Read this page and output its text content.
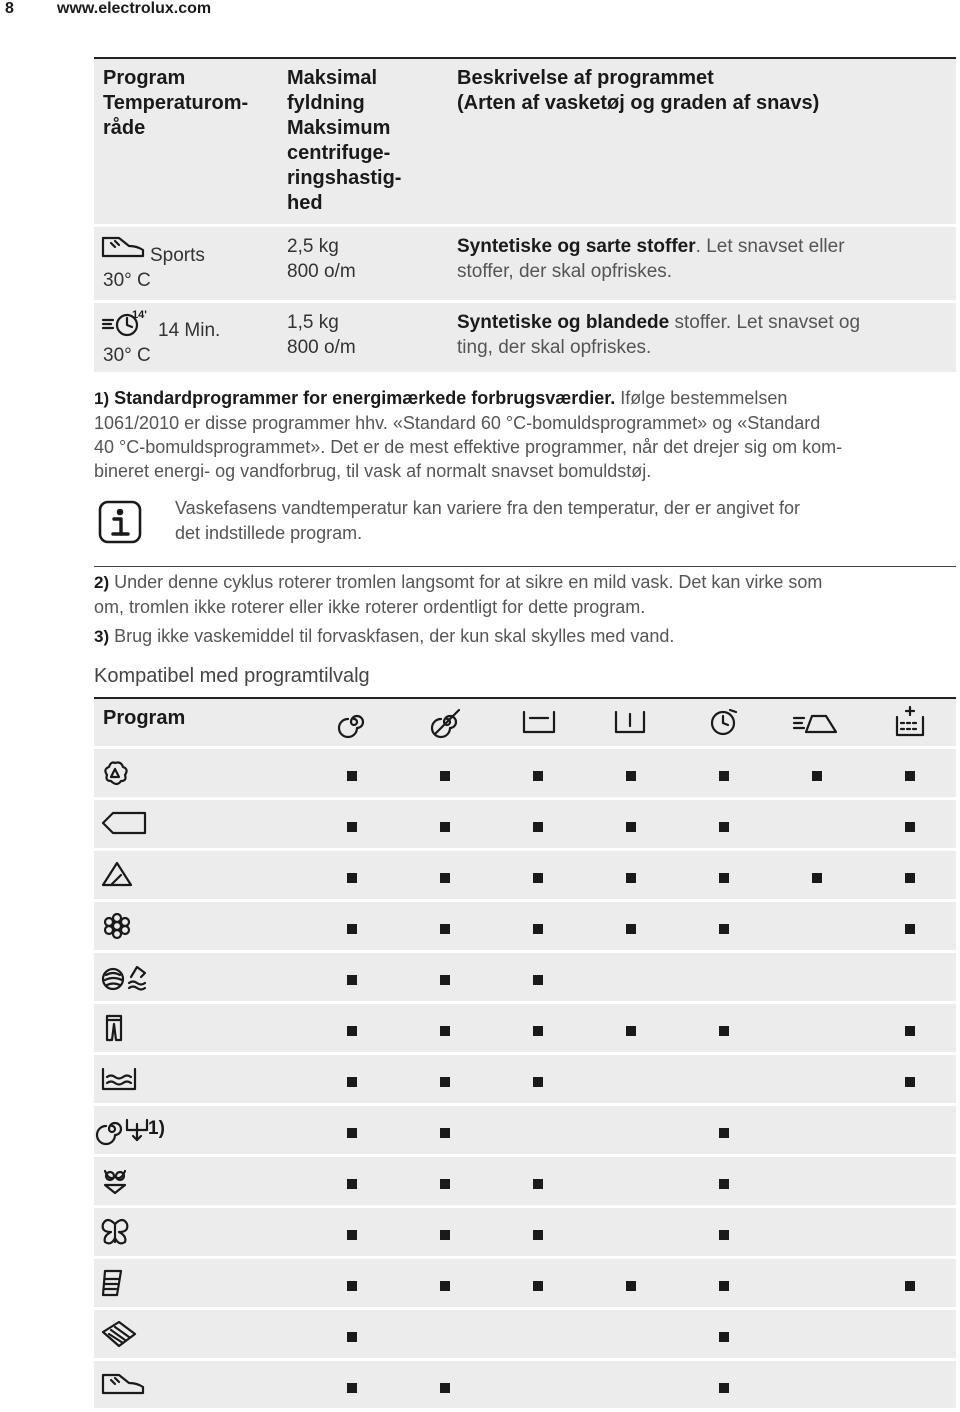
8	www.electrolux.com
Program
Temperaturom-
råde
Maksimal
fyldning
Maksimum
centrifuge-
ringshastig-
hed
Beskrivelse af programmet
(Arten af vasketøj og graden af snavs)
Sports
30° C
2,5 kg
800 o/m
Syntetiske og sarte stoffer. Let snavset eller
stoffer, der skal opfriskes.
14'
14 Min.
30° C
1,5 kg
800 o/m
Syntetiske og blandede stoffer. Let snavset og
ting, der skal opfriskes.
1) Standardprogrammer for energimærkede forbrugsværdier. Ifølge bestemmelsen
1061/2010 er disse programmer hhv. «Standard 60 °C-bomuldsprogrammet» og «Standard
40 °C-bomuldsprogrammet». Det er de mest effektive programmer, når det drejer sig om kom-
bineret energi- og vandforbrug, til vask af normalt snavset bomuldstøj.
Vaskefasens vandtemperatur kan variere fra den temperatur, der er angivet for
det indstillede program.
2) Under denne cyklus roterer tromlen langsomt for at sikre en mild vask. Det kan virke som
om, tromlen ikke roterer eller ikke roterer ordentligt for dette program.
3) Brug ikke vaskemiddel til forvaskfasen, der kun skal skylles med vand.
Kompatibel med programtilvalg
Program
1)
